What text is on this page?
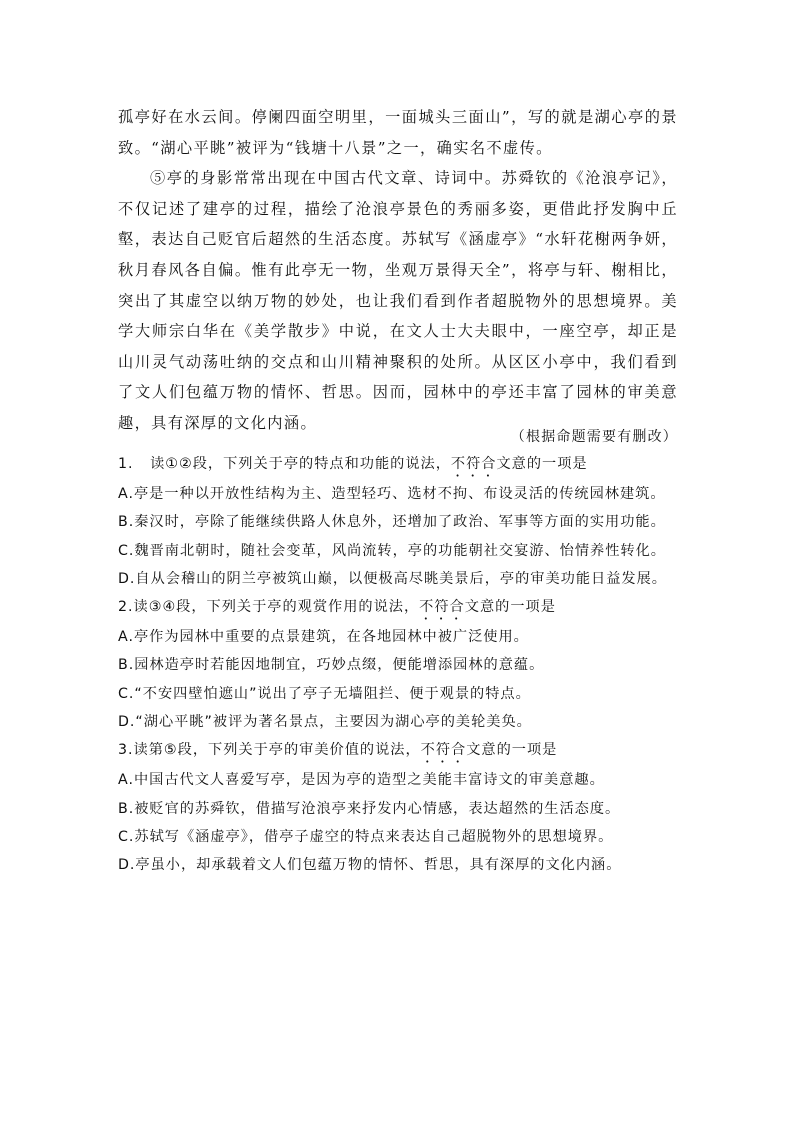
孤亭好在水云间。停阑四面空明里，一面城头三面山”，写的就是湖心亭的景致。“湖心平眺”被评为“钱塘十八景”之一，确实名不虚传。

⑤亭的身影常常出现在中国古代文章、诗词中。苏舜钦的《沧浪亭记》，不仅记述了建亭的过程，描绘了沧浪亭景色的秀丽多姿，更借此抒发胸中丘壑，表达自己贬官后超然的生活态度。苏轼写《涵虚亭》“水轩花榭两争妍，秋月春风各自偏。惟有此亭无一物，坐观万景得天全”，将亭与轩、榭相比，突出了其虚空以纳万物的妙处，也让我们看到作者超脱物外的思想境界。美学大师宗白华在《美学散步》中说，在文人士大夫眼中，一座空亭，却正是山川灵气动荡吐纳的交点和山川精神聚积的处所。从区区小亭中，我们看到了文人们包蕴万物的情怀、哲思。因而，园林中的亭还丰富了园林的审美意趣，具有深厚的文化内涵。

（根据命题需要有删改）

1.   读①②段，下列关于亭的特点和功能的说法，不符合文意的一项是

A.亭是一种以开放性结构为主、造型轻巧、选材不拘、布设灵活的传统园林建筑。

B.秦汉时，亭除了能继续供路人休息外，还增加了政治、军事等方面的实用功能。

C.魏晋南北朝时，随社会变革，风尚流转，亭的功能朝社交宴游、怡情养性转化。

D.自从会稽山的阴兰亭被筑山巅，以便极高尽眺美景后，亭的审美功能日益发展。

2.读③④段，下列关于亭的观赏作用的说法，不符合文意的一项是

A.亭作为园林中重要的点景建筑，在各地园林中被广泛使用。

B.园林造亭时若能因地制宜，巧妙点缀，便能增添园林的意蕴。

C.“不安四壁怕遮山”说出了亭子无墙阻拦、便于观景的特点。

D.“湖心平眺”被评为著名景点，主要因为湖心亭的美轮美奂。

3.读第⑤段，下列关于亭的审美价值的说法，不符合文意的一项是

A.中国古代文人喜爱写亭，是因为亭的造型之美能丰富诗文的审美意趣。

B.被贬官的苏舜钦，借描写沧浪亭来抒发内心情感，表达超然的生活态度。

C.苏轼写《涵虚亭》，借亭子虚空的特点来表达自己超脱物外的思想境界。

D.亭虽小，却承载着文人们包蕴万物的情怀、哲思，具有深厚的文化内涵。
